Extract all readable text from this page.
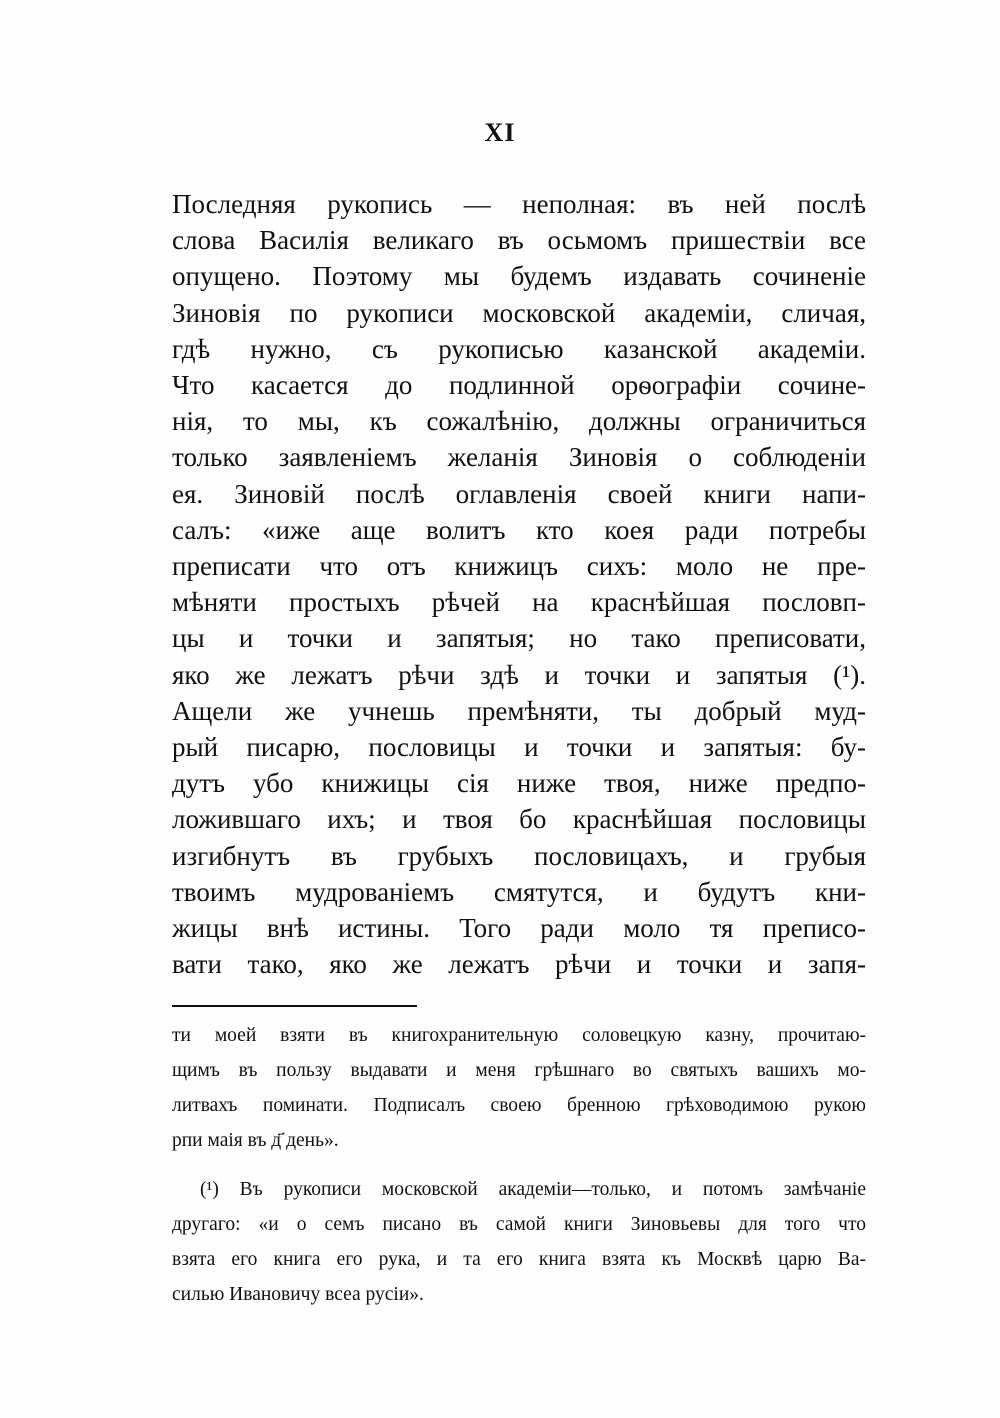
XI
Последняя рукопись — неполная: въ ней послѣ
слова Василія великаго въ осьмомъ пришествіи все
опущено. Поэтому мы будемъ издавать сочиненіе
Зиновія по рукописи московской академіи, сличая,
гдѣ нужно, съ рукописью казанской академіи.
Что касается до подлинной орѳографіи сочине-
нія, то мы, къ сожалѣнію, должны ограничиться
только заявленіемъ желанія Зиновія о соблюденіи
ея. Зиновій послѣ оглавленія своей книги напи-
салъ: «иже аще волитъ кто коея ради потребы
преписати что отъ книжицъ сихъ: моло не пре-
мѣняти простыхъ рѣчей на краснѣйшая пословп-
цы и точки и запятыя; но тако преписовати,
яко же лежатъ рѣчи здѣ и точки и запятыя (¹).
Ащели же учнешь премѣняти, ты добрый муд-
рый писарю, пословицы и точки и запятыя: бу-
дутъ убо книжицы сія ниже твоя, ниже предпо-
ложившаго ихъ; и твоя бо краснѣйшая пословицы
изгибнутъ въ грубыхъ пословицахъ, и грубыя
твоимъ мудрованіемъ смятутся, и будутъ кни-
жицы внѣ истины. Того ради моло тя преписо-
вати тако, яко же лежатъ рѣчи и точки и запя-
ти моей взяти въ книгохранительную соловецкую казну, прочитаю-
щимъ въ пользу выдавати и меня грѣшнаго во святыхъ вашихъ мо-
литвахъ поминати. Подписалъ своею бренною грѣховодимою рукою
рпи маія въ д҃ день».
(¹) Въ рукописи московской академіи—только, и потомъ замѣчаніе
другаго: «и о семъ писано въ самой книги Зиновьевы для того что
взята его книга его рука, и та его книга взята къ Москвѣ царю Ва-
силью Ивановичу всеа русіи».
